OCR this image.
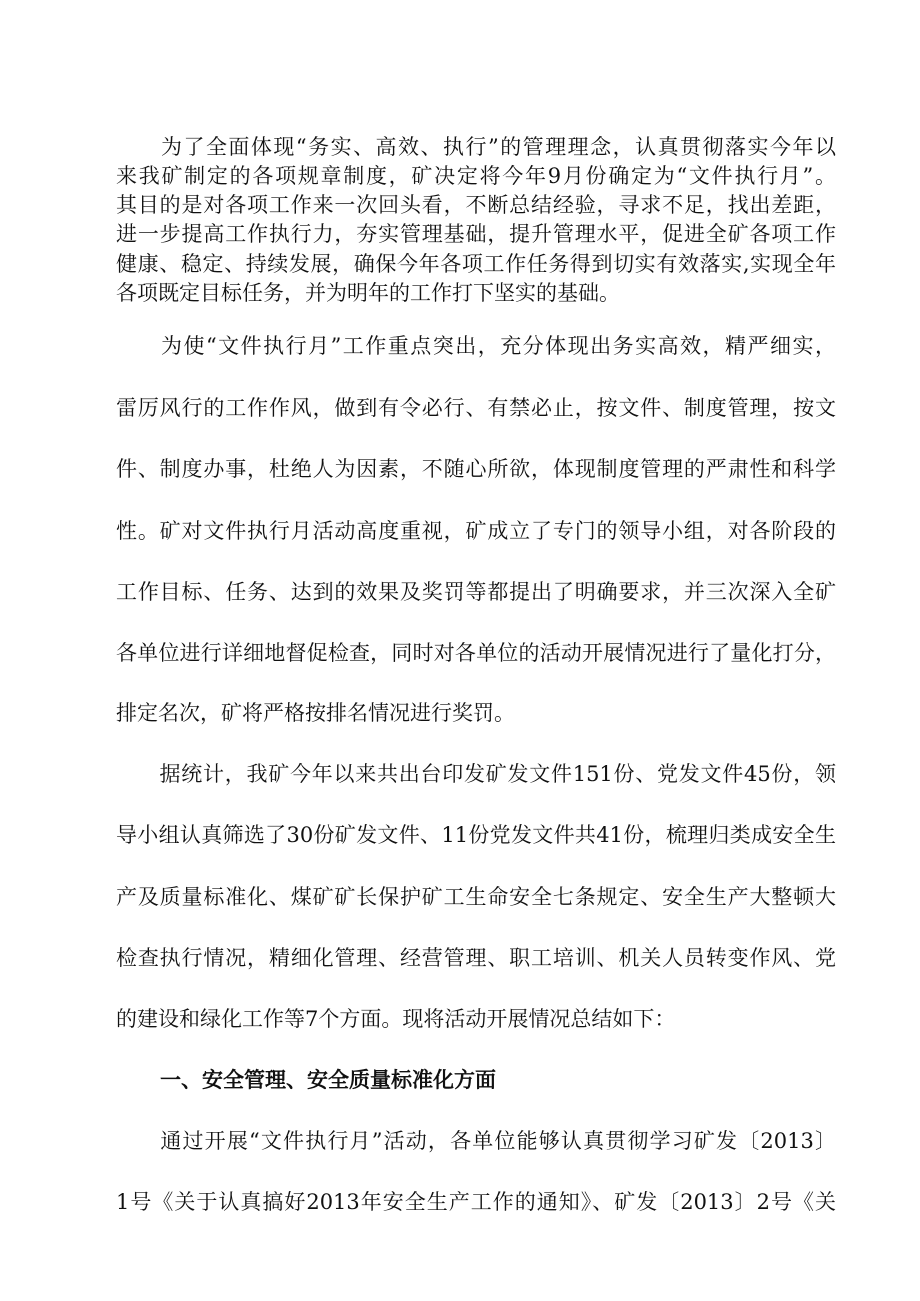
　　为了全面体现“务实、高效、执行”的管理理念，认真贯彻落实今年以
来我矿制定的各项规章制度，矿决定将今年9月份确定为“文件执行月”。
其目的是对各项工作来一次回头看，不断总结经验，寻求不足，找出差距，
进一步提高工作执行力，夯实管理基础，提升管理水平，促进全矿各项工作
健康、稳定、持续发展，确保今年各项工作任务得到切实有效落实,实现全年
各项既定目标任务，并为明年的工作打下坚实的基础。
　　为使“文件执行月”工作重点突出，充分体现出务实高效，精严细实，
雷厉风行的工作作风，做到有令必行、有禁必止，按文件、制度管理，按文
件、制度办事，杜绝人为因素，不随心所欲，体现制度管理的严肃性和科学
性。矿对文件执行月活动高度重视，矿成立了专门的领导小组，对各阶段的
工作目标、任务、达到的效果及奖罚等都提出了明确要求，并三次深入全矿
各单位进行详细地督促检查，同时对各单位的活动开展情况进行了量化打分，
排定名次，矿将严格按排名情况进行奖罚。
　　据统计，我矿今年以来共出台印发矿发文件151份、党发文件45份，领
导小组认真筛选了30份矿发文件、11份党发文件共41份，梳理归类成安全生
产及质量标准化、煤矿矿长保护矿工生命安全七条规定、安全生产大整顿大
检查执行情况，精细化管理、经营管理、职工培训、机关人员转变作风、党
的建设和绿化工作等7个方面。现将活动开展情况总结如下：
一、安全管理、安全质量标准化方面
　　通过开展“文件执行月”活动，各单位能够认真贯彻学习矿发〔2013〕
1号《关于认真搞好2013年安全生产工作的通知》、矿发〔2013〕2号《关
